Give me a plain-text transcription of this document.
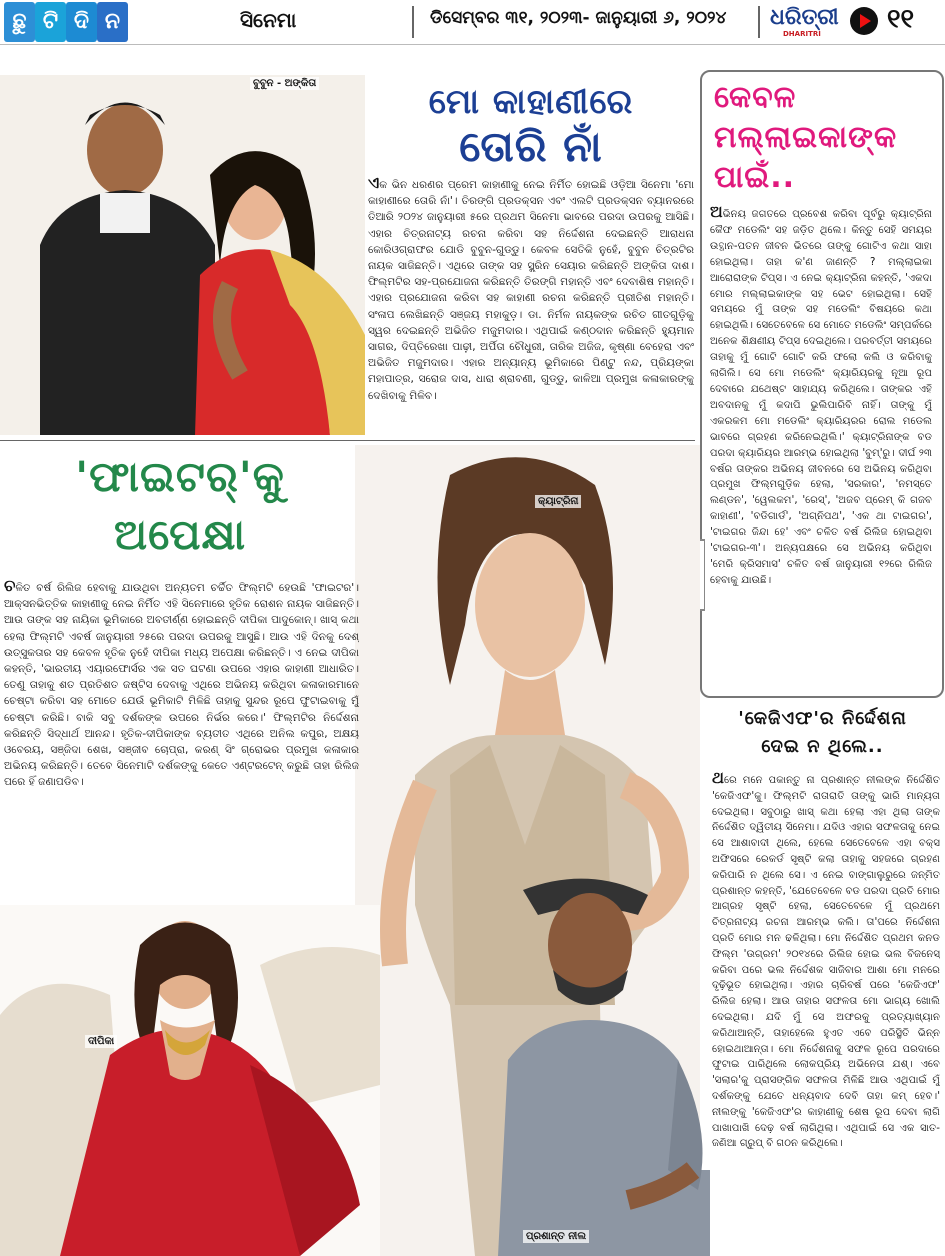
ଛୁ ଟି ଦି ନ	ସିନେମା	ଡିସେମ୍ବର ୩୧, ୨୦୨୩- ଜାନୁୟାରୀ ୬, ୨୦୨୪ ଧରିତ୍ରୀ
DHARITRI	୧୧
ବୁବୁନ - ଅଙ୍କିତା	ମୋ କାହାଣୀରେ
ତୋରି ନାଁ
ଏକ ଭିନ ଧରଣର ପ୍ରେମ କାହାଣୀକୁ ନେଇ ନିର୍ମିତ ହୋଇଛି ଓଡ଼ିଆ ସିନେମା 'ମୋ କାହାଣୀରେ ତୋରି ନାଁ'। ତିରଙ୍ଗି ପ୍ରଡକ୍ସନ ଏବଂ ଏଲଟି ପ୍ରଡକ୍ସନ ବ୍ୟାନରରେ ତିଆରି ୨୦୨୪ ଜାନୁୟାରୀ ୫ରେ ପ୍ରଥମ ସିନେମା ଭାବରେ ପରଦା ଉପରକୁ ଆସିଛି। ଏହାର ଚିତ୍ରନାଟ୍ୟ ରଚନା କରିବା ସହ ନିର୍ଦ୍ଦେଶନା ଦେଇଛନ୍ତି ଆରାଧନା କୋରିଓଗ୍ରାଫର ଯୋଡି ବୁବୁନ-ଗୁଡ୍ଡୁ। କେବଳ ସେତିକି ନୁହେଁ, ବୁବୁନ ଚିତ୍ରଟିର ନାୟକ ସାଜିଛନ୍ତି। ଏଥିରେ ତାଙ୍କ ସହ ସ୍କ୍ରିନ ସେୟାର କରିଛନ୍ତି ଅଙ୍କିତା ଦାଶ। ଫିଲ୍ମଟିର ସହ-ପ୍ରଯୋଜନା କରିଛନ୍ତି ତିରଙ୍ଗି ମହାନ୍ତି ଏବଂ ଦେବାଶିଷ ମହାନ୍ତି। ଏହାର ପ୍ରଯୋଜନା କରିବା ସହ କାହାଣୀ ରଚନା କରିଛନ୍ତି ପ୍ରୀତିଶ ମହାନ୍ତି। ସଂଳାପ ଲେଖିଛନ୍ତି ସଞ୍ଜୟ ମହାକୁଡ଼। ଡା. ନିର୍ମଳ ନାୟକଙ୍କ ରଚିତ ଗୀତଗୁଡ଼ିକୁ ସ୍ୱର ଦେଇଛନ୍ତି ଅଭିଜିତ ମଜୁମଦାର। ଏଥିପାଇଁ କଣ୍ଠଦାନ କରିଛନ୍ତି ହ୍ୟୁମାନ ସାଗର, ଦିପ୍ତିରେଖା ପାଢ଼ୀ, ଅର୍ପିତା ଚୌଧୁରୀ, ତାରିକ ଅଜିଜ, କୃଷ୍ଣା ବେହେରା ଏବଂ ଅଭିଜିତ ମଜୁମଦାର। ଏହାର ଅନ୍ୟାନ୍ୟ ଭୂମିକାରେ ପିଣ୍ଟୁ ନନ୍ଦ, ପ୍ରିୟଙ୍କା ମହାପାତ୍ର, ସରୋଜ ଦାସ, ଧାରା ଶ୍ରାବଣୀ, ଗୁଡ୍ଡୁ, କାଳିଆ ପ୍ରମୁଖ କଳାକାରଙ୍କୁ ଦେଖିବାକୁ ମିଳିବ।
କେବଳ
ମଲ୍ଲାଇକାଙ୍କ
ପାଇଁ..
ଅଭିନୟ ଜଗତରେ ପ୍ରବେଶ କରିବା ପୂର୍ବରୁ କ୍ୟାଟ୍ରିନା କୈଫ ମଡେଲିଂ ସହ ଜଡ଼ିତ ଥିଲେ। କିନ୍ତୁ ସେହି ସମୟର ଉତ୍ଥାନ-ପତନ ଜୀବନ ଭିତରେ ତାଙ୍କୁ ଗୋଟିଏ କଥା ସାହା ହୋଇଥିଲା। ତାହା କ'ଣ ଜାଣନ୍ତି ? ମଲ୍ଲାଇକା ଆରୋରାଙ୍କ ଟିପ୍ସ। ଏ ନେଇ କ୍ୟାଟ୍ରିନା କହନ୍ତି, 'ଏକଦା ମୋର ମଲ୍ଲାଇକାଙ୍କ ସହ ଭେଟ ହୋଇଥିଲା। ସେହି ସମୟରେ ମୁଁ ତାଙ୍କ ସହ ମଡେଲିଂ ବିଷୟରେ କଥା ହୋଇଥିଲି। ସେତେବେଳେ ସେ ମୋତେ ମଡେଲିଂ ସମ୍ପର୍କରେ ଅନେକ ଶିକ୍ଷଣୀୟ ଟିପ୍ସ ଦେଇଥିଲେ। ପରବର୍ତ୍ତୀ ସମୟରେ ତାହାକୁ ମୁଁ ଗୋଟି ଗୋଟି କରି ଫଲୋ କଲି ଓ କରିବାକୁ ଲାଗିଲି। ସେ ମୋ ମଡେଲିଂ କ୍ୟାରିୟରକୁ ନୂଆ ରୂପ ଦେବାରେ ଯଥେଷ୍ଟ ସାହାଯ୍ୟ କରିଥିଲେ। ତାଙ୍କର ଏହି ଅବଦାନକୁ ମୁଁ କଦାପି ଭୁଲିପାରିବି ନାହିଁ। ତାଙ୍କୁ ମୁଁ ଏକରକମ ମୋ ମଡେଲିଂ କ୍ୟାରିୟରର ରୋଲ ମଡେଲ ଭାବରେ ଗ୍ରହଣ କରିନେଇଥିଲି।' କ୍ୟାଟ୍ରିନାଙ୍କ ବଡ ପରଦା କ୍ୟାରିୟର ଆରମ୍ଭ ହୋଇଥିଲା 'ବୁମ୍'ରୁ। ଦୀର୍ଘ ୨୩ ବର୍ଷର ତାଙ୍କର ଅଭିନୟ ଜୀବନରେ ସେ ଅଭିନୟ କରିଥିବା ପ୍ରମୁଖ ଫିଲ୍ମଗୁଡ଼ିକ ହେଲା, 'ସରକାର', 'ନମସ୍ତେ ଲଣ୍ଡନ', 'ୱେଲକମ', 'ରେସ୍', 'ଅଜବ ପ୍ରେମ୍ କି ଗଜବ କାହାଣୀ', 'ବଡିଗାର୍ଡ', 'ଅଗ୍ନିପଥ', 'ଏକ ଥା ଟାଇଗର', 'ଟାଇଗର ଜିନ୍ଦା ହେ' ଏବଂ ଚଳିତ ବର୍ଷ ରିଲିଜ ହୋଇଥିବା 'ଟାଇଗର-୩'। ଅନ୍ୟପକ୍ଷରେ ସେ ଅଭିନୟ କରିଥିବା 'ମେରି କ୍ରିସମାସ' ଚଳିତ ବର୍ଷ ଜାନୁୟାରୀ ୧୨ରେ ରିଲିଜ ହେବାକୁ ଯାଉଛି।
'ଫାଇଟର୍'କୁ
ଅପେକ୍ଷା
କ୍ୟାଟ୍ରିନା
ଚଳିତ ବର୍ଷ ରିଲିଜ ହେବାକୁ ଯାଉଥିବା ଅନ୍ୟତମ ଚର୍ଚ୍ଚିତ ଫିଲ୍ମଟି ହେଉଛି 'ଫାଇଟର'। ଆକ୍ସନଭିତ୍ତିକ କାହାଣୀକୁ ନେଇ ନିର୍ମିତ ଏହି ସିନେମାରେ ହୃତିକ ରୋଶନ ନାୟକ ସାଜିଛନ୍ତି। ଆଉ ତାଙ୍କ ସହ ନାୟିକା ଭୂମିକାରେ ଅବତୀର୍ଣ୍ଣ ହୋଇଛନ୍ତି ଦୀପିକା ପାଦୁକୋନ୍। ଖାସ୍ କଥା ହେଲା ଫିଲ୍ମଟି ଏବର୍ଷ ଜାନୁୟାରୀ ୨୫ରେ ପରଦା ଉପରକୁ ଆସୁଛି। ଆଉ ଏହି ଦିନକୁ ଦେଶ୍ ଉତ୍ସୁକତାର ସହ କେବଳ ହୃତିକ ନୁହେଁ ଦୀପିକା ମଧ୍ୟ ଅପେକ୍ଷା କରିଛନ୍ତି। ଏ ନେଇ ଦୀପିକା କହନ୍ତି, 'ଭାରତୀୟ ଏୟାରଫୋର୍ସର ଏକ ସତ ଘଟଣା ଉପରେ ଏହାର କାହାଣୀ ଆଧାରିତ। ତେଣୁ ତାହାକୁ ଶତ ପ୍ରତିଶତ ଜଷ୍ଟିସ ଦେବାକୁ ଏଥିରେ ଅଭିନୟ କରିଥିବା କଳାକାରମାନେ ଚେଷ୍ଟା କରିବା ସହ ମୋତେ ଯେଉଁ ଭୂମିକାଟି ମିଳିଛି ତାହାକୁ ସୁନ୍ଦର ରୂପେ ଫୁଟାଇବାକୁ ମୁଁ ଚେଷ୍ଟା କରିଛି। ବାକି ସବୁ ଦର୍ଶକଙ୍କ ଉପରେ ନିର୍ଭର କରେ।' ଫିଲ୍ମଟିର ନିର୍ଦ୍ଦେଶନା କରିଛନ୍ତି ସିଦ୍ଧାର୍ଥ ଆନନ୍ଦ। ହୃତିକ-ଦୀପିକାଙ୍କ ବ୍ୟତୀତ ଏଥିରେ ଅନିଲ କପୁର, ଅକ୍ଷୟ ଓବେରୟ, ସଞ୍ଜିଦା ଶେଖ, ସଞ୍ଜୀବ ଚୋପ୍ରା, କରଣ୍ ସିଂ ଗ୍ରୋଭର ପ୍ରମୁଖ କଳାକାର ଅଭିନୟ କରିଛନ୍ତି। ତେବେ ସିନେମାଟି ଦର୍ଶକଙ୍କୁ କେତେ ଏଣ୍ଟରଟେନ୍ କରୁଛି ତାହା ରିଲିଜ ପରେ ହିଁ ଜଣାପଡିବ।
ଦୀପିକା
'କେଜିଏଫ'ର ନିର୍ଦ୍ଦେଶନା
ଦେଇ ନ ଥିଲେ..
ଥରେ ମନେ ପକାନ୍ତୁ ନା ପ୍ରଶାନ୍ତ ନୀଲଙ୍କ ନିର୍ଦ୍ଦେଶିତ 'କେଜିଏଫ'କୁ। ଫିଲ୍ମଟି ରାତାରାତି ତାଙ୍କୁ ଭାରି ମାନ୍ୟତା ଦେଇଥିଲା। ସବୁଠାରୁ ଖାସ୍ କଥା ହେଲା ଏହା ଥିଲା ତାଙ୍କ ନିର୍ଦ୍ଦେଶିତ ଦ୍ୱିତୀୟ ସିନେମା। ଯଦିଓ ଏହାର ସଫଳତାକୁ ନେଇ ସେ ଆଶାବାଦୀ ଥିଲେ, ହେଲେ ସେତେବେଳେ ଏହା ବକ୍ସ ଅଫିସରେ ରେକର୍ଡ ସୃଷ୍ଟି କଲା ତାହାକୁ ସହଜରେ ଗ୍ରହଣ କରିପାରି ନ ଥିଲେ ସେ। ଏ ନେଇ ବାଙ୍ଗାଲୁରୁରେ ଜନ୍ମିତ ପ୍ରଶାନ୍ତ କହନ୍ତି, 'ଯେତେବେଳେ ବଡ ପରଦା ପ୍ରତି ମୋର ଆଗ୍ରହ ସୃଷ୍ଟି ହେଲା, ସେତେବେଳେ ମୁଁ ପ୍ରଥମେ ଚିତ୍ରନାଟ୍ୟ ରଚନା ଆରମ୍ଭ କଲି। ତା'ପରେ ନିର୍ଦ୍ଦେଶନା ପ୍ରତି ମୋର ମନ ଢଳିଥିଲା। ମୋ ନିର୍ଦ୍ଦେଶିତ ପ୍ରଥମ କନଡ ଫିଲ୍ମ 'ଉଗ୍ରମ' ୨୦୧୪ରେ ରିଲିଜ ହୋଇ ଭଲ ବିଜନେସ୍ କରିବା ପରେ ଭଲ ନିର୍ଦ୍ଦେଶକ ସାଜିବାର ଆଶା ମୋ ମନରେ ଦୃଢ଼ିଭୂତ ହୋଇଥିଲା। ଏହାର ଚାରିବର୍ଷ ପରେ 'କେଜିଏଫ' ରିଲିଜ ହେଲା। ଆଉ ତାହାର ସଫଳତା ମୋ ଭାଗ୍ୟ ଖୋଲି ଦେଇଥିଲା। ଯଦି ମୁଁ ସେ ଅଫରକୁ ପ୍ରତ୍ୟାଖ୍ୟାନ କରିଥାଆନ୍ତି, ତାହାହେଲେ ହୁଏତ ଏବେ ପରିସ୍ଥିତି ଭିନ୍ନ ହୋଇଥାଆନ୍ତା। ମୋ ନିର୍ଦ୍ଦେଶନାକୁ ସଫଳ ରୂପେ ପରଦାରେ ଫୁଟାଇ ପାରିଥିଲେ ଲୋକପ୍ରିୟ ଅଭିନେତା ଯଶ୍। ଏବେ 'ସଲାର'କୁ ପ୍ରାସଙ୍ଗିକ ସଫଳତା ମିଳିଛି ଆଉ ଏଥିପାଇଁ ମୁଁ ଦର୍ଶକଙ୍କୁ ଯେତେ ଧନ୍ୟବାଦ ଦେବି ତାହା କମ୍ ହେବ।' ନୀଲଙ୍କୁ 'କେଜିଏଫ'ର କାହାଣୀକୁ ଶେଷ ରୂପ ଦେବା ଲାଗି ପାଖାପାଖି ଦେଢ଼ ବର୍ଷ ଲାଗିଥିଲା। ଏଥିପାଇଁ ସେ ଏକ ସାତ-ଜଣିଆ ଗ୍ରୁପ୍ ବି ଗଠନ କରିଥିଲେ।
ପ୍ରଶାନ୍ତ ନୀଲ
